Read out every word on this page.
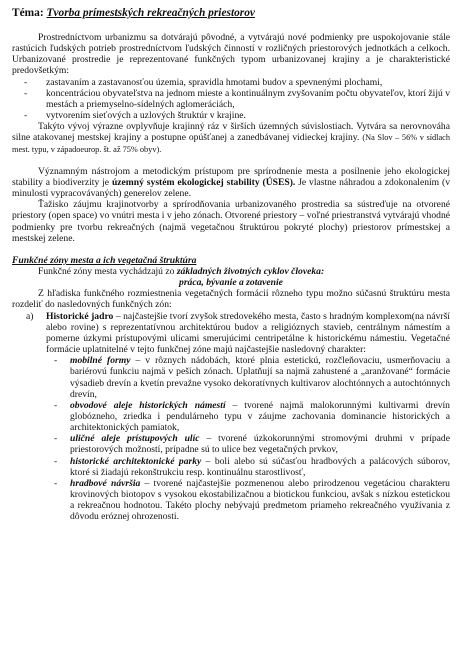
Téma: Tvorba prímestských rekreačných priestorov

Prostredníctvom urbanizmu sa dotvárajú pôvodné, a vytvárajú nové podmienky pre uspokojovanie stále rastúcich ľudských potrieb prostredníctvom ľudských činností v rozličných priestorových jednotkách a celkoch. Urbanizované prostredie je reprezentované funkčných typom urbanizovanej krajiny a je charakteristické predovšetkým:

- zastavaním a zastavanosťou územia, spravidla hmotami budov a spevnenými plochami,
- koncentráciou obyvateľstva na jednom mieste a kontinuálnym zvyšovaním počtu obyvateľov, ktorí žijú v mestách a priemyselno-sídelných aglomeráciách,
- vytvorením sieťových a uzlových štruktúr v krajine.

Takýto vývoj výrazne ovplyvňuje krajinný ráz v širších územných súvislostiach. Vytvára sa nerovnováha silne atakovanej mestskej krajiny a postupne opúšťanej a zanedbávanej vidieckej krajiny. (Na Slov – 56% v sídlach mest. typu, v západoeurop. št. až 75% obyv).

Významným nástrojom a metodickým prístupom pre sprírodnenie mesta a posilnenie jeho ekologickej stability a biodiverzity je územný systém ekologickej stability (ÚSES). Je vlastne náhradou a zdokonalením (v minulosti vypracovávaných) generelov zelene.

Ťažisko záujmu krajinotvorby a sprírodňovania urbanizovaného prostredia sa sústreďuje na otvorené priestory (open space) vo vnútri mesta i v jeho zónach. Otvorené priestory – voľné priestranstvá vytvárajú vhodné podmienky pre tvorbu rekreačných (najmä vegetačnou štruktúrou pokryté plochy) priestorov prímestskej a mestskej zelene.

Funkčné zóny mesta a ich vegetačná štruktúra

Funkčné zóny mesta vychádzajú zo základných životných cyklov človeka:

práca, bývanie a zotavenie

Z hľadiska funkčného rozmiestnenia vegetačných formácií rôzneho typu možno súčasnú štruktúru mesta rozdeliť do nasledovných funkčných zón:

a) Historické jadro – najčastejšie tvorí zvyšok stredovekého mesta, často s hradným komplexom(na návrší alebo rovine) s reprezentatívnou architektúrou budov a religióznych stavieb, centrálnym námestím a pomerne úzkymi prístupovými ulicami smerujúcimi centripetálne k historickému námestiu. Vegetačné formácie uplatnitelné v tejto funkčnej zóne majú najčastejšie nasledovný charakter:
- mobilné formy – v rôznych nádobách, ktoré plnia estetickú, rozčleňovaciu, usmerňovaciu a bariérovú funkciu najmä v peších zónach. Uplatňují sa najmä zahustené a „aranžované“ formácie výsadieb drevín a kvetín prevažne vysoko dekoratívnych kultivarov alochtónnych a autochtónnych drevín,
- obvodové aleje historických námestí – tvorené najmä malokorunnými kultivarmi drevín globózneho, zriedka i pendulárneho typu v záujme zachovania dominancie historických a architektonických pamiatok,
- uličné aleje prístupových ulíc – tvorené úzkokorunnými stromovými druhmi v prípade priestorových možností, prípadne sú to ulice bez vegetačných prvkov,
- historické architektonické parky – boli alebo sú súčasťou hradbových a palácových súborov, ktoré si žiadajú rekonštrukciu resp. kontinuálnu starostlivosť,
- hradbové návršia – tvorené najčastejšie pozmenenou alebo prirodzenou vegetáciou charakteru krovinových biotopov s vysokou ekostabilizačnou a biotickou funkciou, avšak s nízkou estetickou a rekreačnou hodnotou. Takéto plochy nebývajú predmetom priameho rekreačného využívania z dôvodu eróznej ohrozenosti.
